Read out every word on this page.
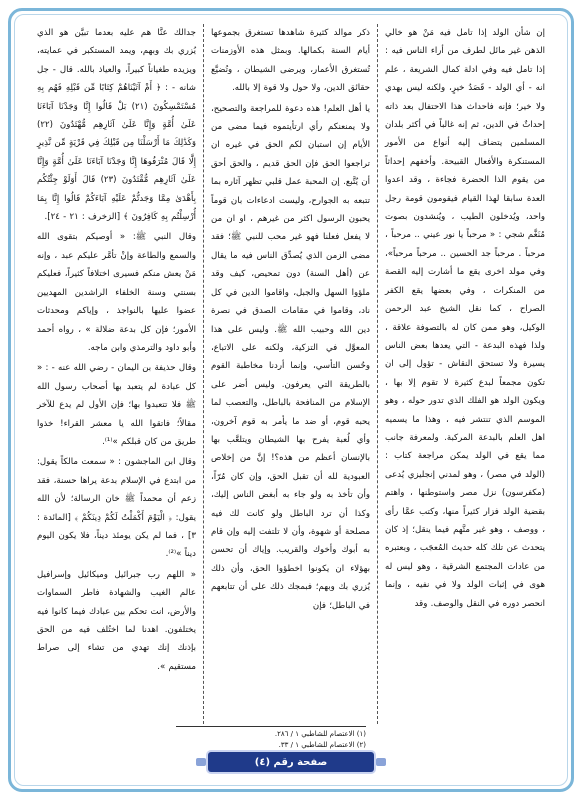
إن شأن الولد إذا تامل فيه مَنْ هو خالي الذهن غير مائل لطرف من أراء الناس فيه : إذا تامل فيه وفي ادلة كمال الشريعة ، علم انه - أي الولد - قَصَدُ خيرٍ، ولكنه ليس بهدي ولا خير؛ فإنه فاحداث هذا الاحتفال بعد ذاته إحداثٌ في الدين، ثم إنه غالباً في أكثر بلدان المسلمين يتضاف إليه أنواع من الأمور المستنكرة والأفعال القبيحة. وأخفهم إحداثاً من يقوم الذا الحضرة فجاءة ، وقد اعدوا العدة سابقا لهذا القيام فيقومون قومة رجل واحد، ويُدخلون الطيب ، ويُنشدون بصوت مُنَغَّم شجي : « مرحباً يا نور عيني .. مرحباً ، مرحباً . مرحباً جد الحسين .. مرحباً مرحباً»، وفي مولد اخرى يقع ما أشارت إليه القصة من المنكرات ، وفي بعضها يقع الكفر الصراح ، كما نقل الشيخ عبد الرحمن الوكيل، وهو ممن كان له بالتصوفة علاقة ، ولذا فهذه البدعة - التي يعدها بعض الناس يسيرة ولا تستحق النقاش - تؤول إلى ان تكون مجمعاً لبدع كثيرة لا تقوم إلا بها ، ويكون الولد هو الفلك الذي تدور حوله ، وهو الموسم الذي تنتشر فيه ، وهذا ما يسميه اهل العلم بالبدعة المركبة. ولمعرفة جانب مما يقع في الولد يمكن مراجعة كتاب : (الولد في مصر) ، وهو لمدني إنجليزي يُدعى (مكفرسون) نزل مصر واستوطنها ، واهتم بقضية الولد فزار كثيراً منها، وكتب عمَّا رأى ، ووصف ، وهو غير متَّهم فيما ينقل؛ إذ كان يتحدث عن تلك كله حديث المُعجَب ، وبعتبره من عادات المجتمع الشرقية ، وهو ليس له هوى في إثبات الولد ولا في نفيه ، وإنما انحصر دوره في النقل والوصف. وقد

ذكر موالد كثيرة شاهدها تستغرق بجموعها أيام السنة بكمالها. وبمثل هذه الأوزمنات تُستغرق الأعمار، ويرضى الشيطان ، وتُضيَّع حقائق الدين، ولا حول ولا قوة إلا بالله.

يا أهل العلم! هذه دعوة للمراجعة والتصحيح، ولا يمنعنكم رأي ارتأيتموه فيما مضى من الأيام إن استبان لكم الحق في غيره ان تراجعوا الحق فإن الحق قديم ، والحق أحق أن يُتَّبع. إن المحبة عمل قلبي تظهر آثاره بما تتبعه به الجوارح، وليست ادعاءات بان قوماً يحبون الرسول اكثر من غيرهم ، او ان من لا يفعل فعلنا فهو غير محب للنبي ﷺ؛ فقد مضى الزمن الذي يُصدِّق الناس فيه ما يقال عن (أهل السنة) دون تمحيص، كيف وقد ملؤوا السهل والجبل، واقاموا الدين في كل ناد، وقاموا في مقامات الصدق في نصرة دين الله وحبيب الله ﷺ. وليس على هذا المعوَّل في التزكية، ولكنه على الاتباع، وحُسن التأسي، وإنما أردنا مخاطبة القوم بالطريقة التي يعرفون. وليس أضر على الإسلام من المنافحة بالباطل، والتعصب لما يحبه قوم، أو ضد ما يأمر به قوم آخرون، وأي لُعبة يفرح بها الشيطان ويتلعَّب بها بالإنسان أعظم من هذه؟! إنَّ من إخلاص العبودية لله أن تقبل الحق، وإن كان مُرّاً، وأن تأخذ به ولو جاء به أبغض الناس إليك، وكذا أن ترد الباطل ولو كانت لك فيه مصلحة أو شهوة، وأن لا تلتفت إليه وإن قام به أبوك وأخوك والقريب. وإياك أن تحسن بهؤلاء ان يكونوا اخطؤوا الحق، وأن ذلك يُزري بك وبهم؛ فبمجك ذلك على أن تتابعهم في الباطل؛ فإن

جدالك عنَّا هم عليه بعدما تبيَّن هو الذي يُزري بك وبهم، ويمد المستكبر في عمايته، ويزيده طغياناً كبيراً، والعياذ بالله. قال - جل شانه - : ﴿ أَمْ آتَيْنَاهُمْ كِتَابًا مِّن قَبْلِهِ فَهُم بِهِ مُسْتَمْسِكُونَ (٢١) بَلْ قَالُوا إِنَّا وَجَدْنَا آبَاءَنَا عَلَىٰ أُمَّةٍ وَإِنَّا عَلَىٰ آثَارِهِم مُّهْتَدُونَ (٢٢) وَكَذَٰلِكَ مَا أَرْسَلْنَا مِن قَبْلِكَ فِي قَرْيَةٍ مِّن نَّذِيرٍ إِلَّا قَالَ مُتْرَفُوهَا إِنَّا وَجَدْنَا آبَاءَنَا عَلَىٰ أُمَّةٍ وَإِنَّا عَلَىٰ آثَارِهِم مُّقْتَدُونَ (٢٣) قَالَ أَوَلَوْ جِئْتُكُم بِأَهْدَىٰ مِمَّا وَجَدتُّمْ عَلَيْهِ آبَاءَكُمْ قَالُوا إِنَّا بِمَا أُرْسِلْتُم بِهِ كَافِرُونَ ﴾ [الزخرف : ٢١ - ٢٤].

وقال النبي ﷺ: « أوصيكم بتقوى الله والسمع والطاعة وإنْ تأمَّر عليكم عبد ، وإنه مَنْ يعش منكم فسيرى اختلافاً كثيراً، فعليكم بسنتي وسنة الخلفاء الراشدين المهديين عضوا عليها بالنواجذ ، وإياكم ومحدثات الأمور؛ فإن كل بدعة ضلالة » ، رواه أحمد وأبو داود والترمذي وابن ماجه.

وقال حذيفة بن اليمان - رضي الله عنه - : « كل عبادة لم يتعبد بها أصحاب رسول الله ﷺ فلا تتعبدوا بها؛ فإن الأول لم يدع للآخر مقالاً؛ فاتقوا الله يا معشر القراء! خذوا طريق من كان قبلكم »⁽¹⁾.

وقال ابن الماجشون : « سمعت مالكاً يقول: من ابتدع في الإسلام بدعة يراها حسنة، فقد زعم أن محمداً ﷺ خان الرسالة؛ لأن الله يقول: ﴿ الْيَوْمَ أَكْمَلْتُ لَكُمْ دِينَكُمْ ﴾ [المائدة : ٣] ، فما لم يكن يومئذ ديناً، فلا يكون اليوم ديناً »⁽²⁾.

« اللهم رب جبرائيل وميكائيل وإسرافيل عالم الغيب والشهادة فاطر السماوات والأرض، انت تحكم بين عبادك فيما كانوا فيه يختلفون. اهدنا لما اختُلف فيه من الحق بإذنك إنك تهدي من تشاء إلى صراط مستقيم ».

(١) الاعتصام للشاطبي ١ / ٢٨٦.

(٢) الاعتصام للشاطبي ١ / ٣٣.

صفحة رقم (٤)
